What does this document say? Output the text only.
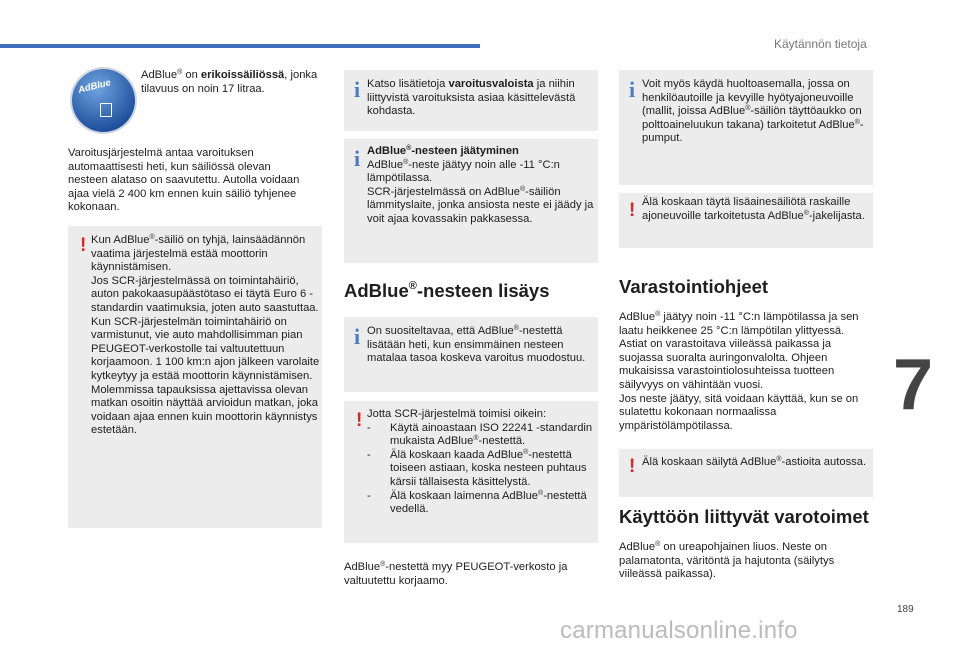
Käytännön tietoja
7
189
carmanualsonline.info
AdBlue
AdBlue® on erikoissäiliössä, jonka tilavuus on noin 17 litraa.
Varoitusjärjestelmä antaa varoituksen automaattisesti heti, kun säiliössä olevan nesteen alataso on saavutettu. Autolla voidaan ajaa vielä 2 400 km ennen kuin säiliö tyhjenee kokonaan.
! Kun AdBlue®-säiliö on tyhjä, lainsäädännön vaatima järjestelmä estää moottorin käynnistämisen.
Jos SCR-järjestelmässä on toimintahäiriö, auton pakokaasupäästötaso ei täytä Euro 6 -standardin vaatimuksia, joten auto saastuttaa.
Kun SCR-järjestelmän toimintahäiriö on varmistunut, vie auto mahdollisimman pian PEUGEOT-verkostolle tai valtuutettuun korjaamoon. 1 100 km:n ajon jälkeen varolaite kytkeytyy ja estää moottorin käynnistämisen.
Molemmissa tapauksissa ajettavissa olevan matkan osoitin näyttää arvioidun matkan, joka voidaan ajaa ennen kuin moottorin käynnistys estetään.
i Katso lisätietoja varoitusvaloista ja niihin liittyvistä varoituksista asiaa käsittelevästä kohdasta.
i AdBlue®-nesteen jäätyminen
AdBlue®-neste jäätyy noin alle -11 °C:n lämpötilassa.
SCR-järjestelmässä on AdBlue®-säiliön lämmityslaite, jonka ansiosta neste ei jäädy ja voit ajaa kovassakin pakkasessa.
AdBlue®-nesteen lisäys
i On suositeltavaa, että AdBlue®-nestettä lisätään heti, kun ensimmäinen nesteen matalaa tasoa koskeva varoitus muodostuu.
! Jotta SCR-järjestelmä toimisi oikein:
-	Käytä ainoastaan ISO 22241 -standardin mukaista AdBlue®-nestettä.
-	Älä koskaan kaada AdBlue®-nestettä toiseen astiaan, koska nesteen puhtaus kärsii tällaisesta käsittelystä.
-	Älä koskaan laimenna AdBlue®-nestettä vedellä.
AdBlue®-nestettä myy PEUGEOT-verkosto ja valtuutettu korjaamo.
i Voit myös käydä huoltoasemalla, jossa on henkilöautoille ja kevyille hyötyajoneuvoille (mallit, joissa AdBlue®-säiliön täyttöaukko on polttoaineluukun takana) tarkoitetut AdBlue®-pumput.
! Älä koskaan täytä lisäainesäiliötä raskaille ajoneuvoille tarkoitetusta AdBlue®-jakelijasta.
Varastointiohjeet
AdBlue® jäätyy noin -11 °C:n lämpötilassa ja sen laatu heikkenee 25 °C:n lämpötilan ylittyessä. Astiat on varastoitava viileässä paikassa ja suojassa suoralta auringonvalolta. Ohjeen mukaisissa varastointiolosuhteissa tuotteen säilyvyys on vähintään vuosi.
Jos neste jäätyy, sitä voidaan käyttää, kun se on sulatettu kokonaan normaalissa ympäristölämpötilassa.
! Älä koskaan säilytä AdBlue®-astioita autossa.
Käyttöön liittyvät varotoimet
AdBlue® on ureapohjainen liuos. Neste on palamatonta, väritöntä ja hajutonta (säilytys viileässä paikassa).
